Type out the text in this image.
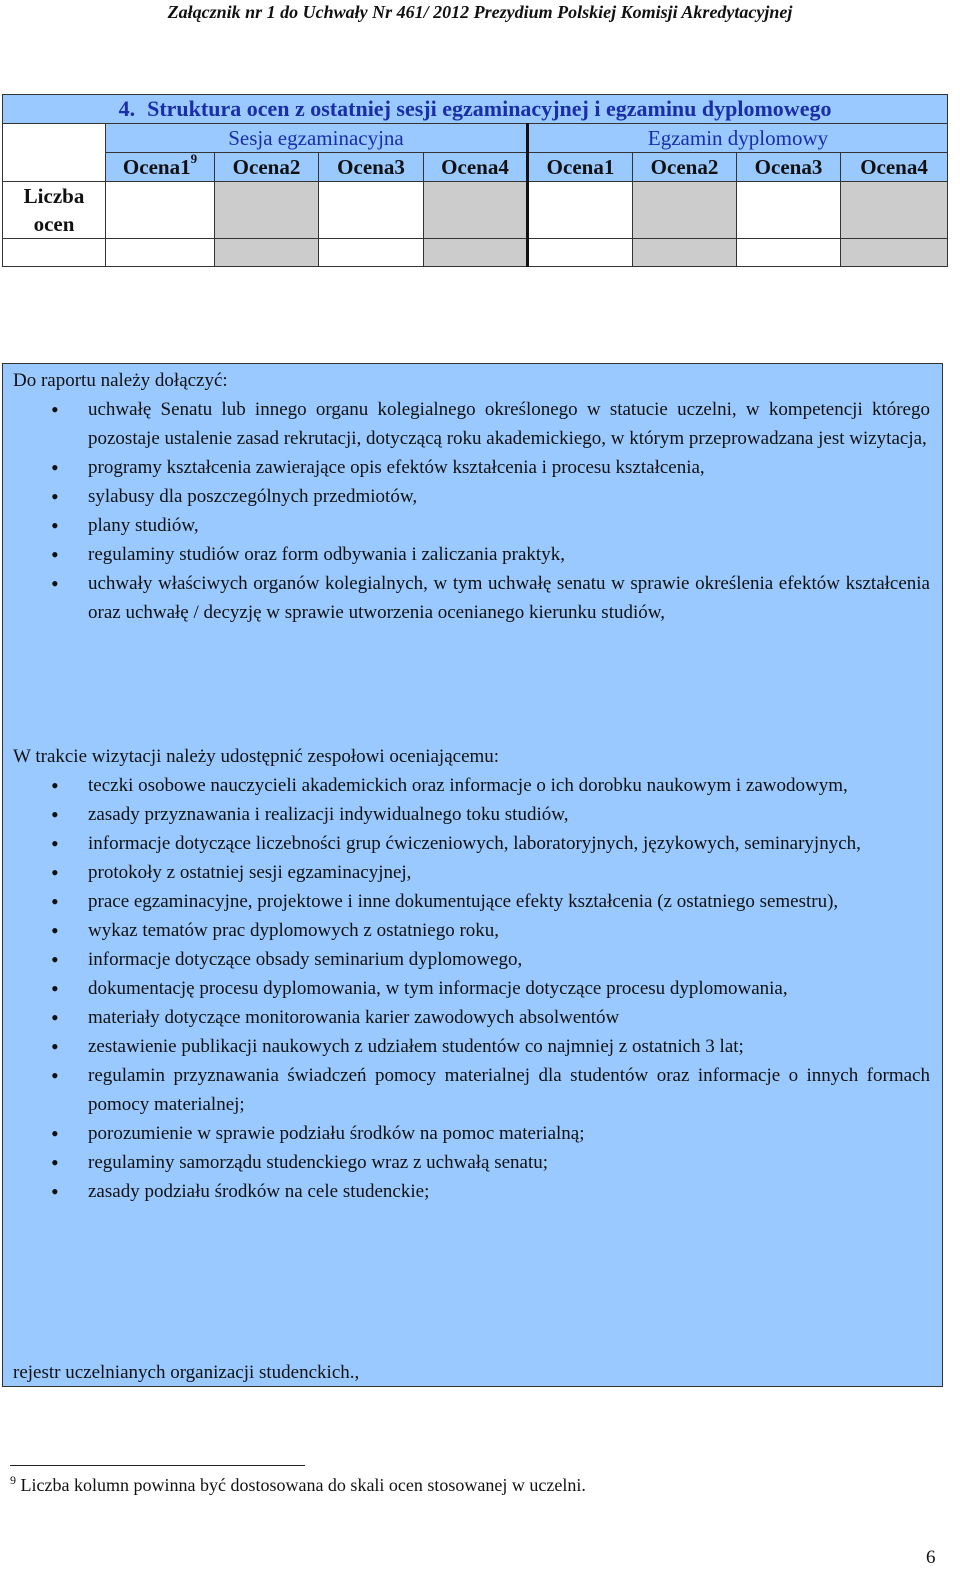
Załącznik nr 1 do Uchwały Nr 461/ 2012 Prezydium Polskiej Komisji Akredytacyjnej
4. Struktura ocen z ostatniej sesji egzaminacyjnej i egzaminu dyplomowego								
	Sesja egzaminacyjna				Egzamin dyplomowy			
	$Ocena1^9$	Ocena2	Ocena3	Ocena4	Ocena1	Ocena2	Ocena3	Ocena4
Liczba ocen								

Do raportu należy dołączyć:
• uchwałę Senatu lub innego organu kolegialnego określonego w statucie uczelni, w kompetencji którego pozostaje ustalenie zasad rekrutacji, dotyczącą roku akademickiego, w którym przeprowadzana jest wizytacja,
• programy kształcenia zawierające opis efektów kształcenia i procesu kształcenia,
• sylabusy dla poszczególnych przedmiotów,
• plany studiów,
• regulaminy studiów oraz form odbywania i zaliczania praktyk,
• uchwały właściwych organów kolegialnych, w tym uchwałę senatu w sprawie określenia efektów kształcenia oraz uchwałę / decyzję w sprawie utworzenia ocenianego kierunku studiów,
W trakcie wizytacji należy udostępnić zespołowi oceniającemu:
• teczki osobowe nauczycieli akademickich oraz informacje o ich dorobku naukowym i zawodowym,
• zasady przyznawania i realizacji indywidualnego toku studiów,
• informacje dotyczące liczebności grup ćwiczeniowych, laboratoryjnych, językowych, seminaryjnych,
• protokoły z ostatniej sesji egzaminacyjnej,
• prace egzaminacyjne, projektowe i inne dokumentujące efekty kształcenia (z ostatniego semestru),
• wykaz tematów prac dyplomowych z ostatniego roku,
• informacje dotyczące obsady seminarium dyplomowego,
• dokumentację procesu dyplomowania, w tym informacje dotyczące procesu dyplomowania,
• materiały dotyczące monitorowania karier zawodowych absolwentów
• zestawienie publikacji naukowych z udziałem studentów co najmniej z ostatnich 3 lat;
• regulamin przyznawania świadczeń pomocy materialnej dla studentów oraz informacje o innych formach pomocy materialnej;
• porozumienie w sprawie podziału środków na pomoc materialną;
• regulaminy samorządu studenckiego wraz z uchwałą senatu;
• zasady podziału środków na cele studenckie;
rejestr uczelnianych organizacji studenckich.,
$^9$ Liczba kolumn powinna być dostosowana do skali ocen stosowanej w uczelni.
6
